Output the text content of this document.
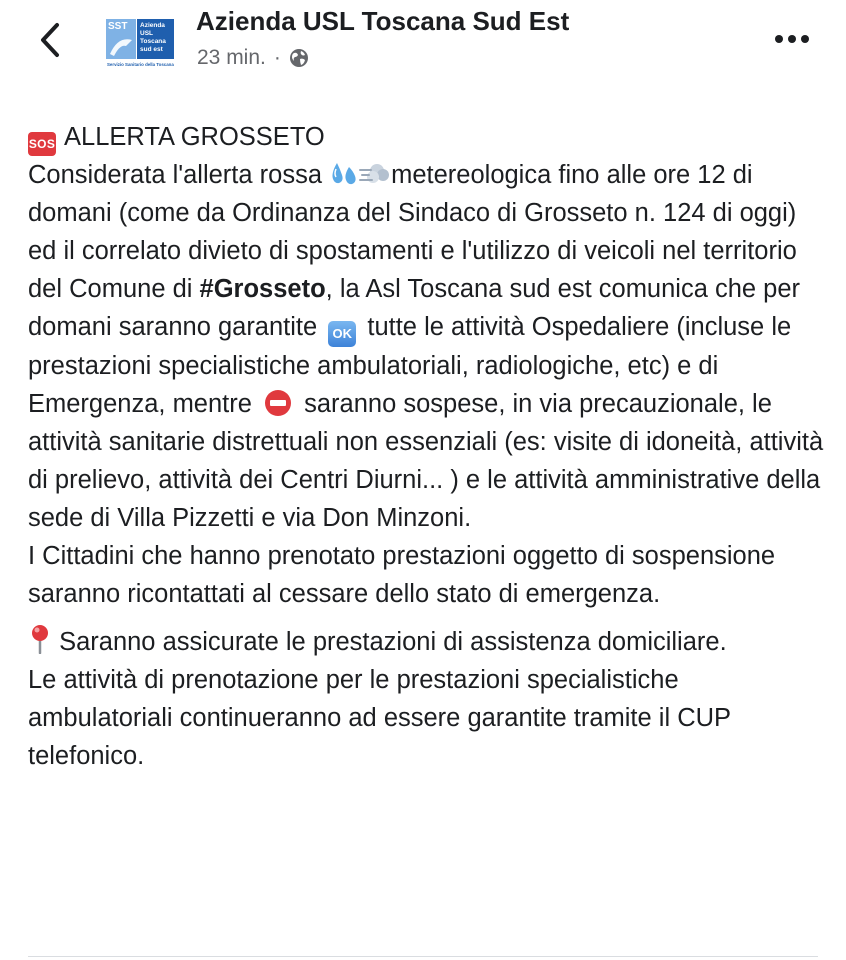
SST Azienda
USL
Toscana
sud est
Servizio Sanitario della Toscana
Azienda USL Toscana Sud Est
23 min. ·

SOS ALLERTA GROSSETO

Considerata l'allerta rossa metereologica fino alle ore 12 di domani (come da Ordinanza del Sindaco di Grosseto n. 124 di oggi) ed il correlato divieto di spostamenti e l'utilizzo di veicoli nel territorio del Comune di #Grosseto, la Asl Toscana sud est comunica che per domani saranno garantite OK tutte le attività Ospedaliere (incluse le prestazioni specialistiche ambulatoriali, radiologiche, etc) e di Emergenza, mentre  saranno sospese, in via precauzionale, le attività sanitarie distrettuali non essenziali (es: visite di idoneità, attività di prelievo, attività dei Centri Diurni... ) e le attività amministrative della sede di Villa Pizzetti e via Don Minzoni.

I Cittadini che hanno prenotato prestazioni oggetto di sospensione saranno ricontattati al cessare dello stato di emergenza.

Saranno assicurate le prestazioni di assistenza domiciliare.

Le attività di prenotazione per le prestazioni specialistiche ambulatoriali continueranno ad essere garantite tramite il CUP telefonico.
